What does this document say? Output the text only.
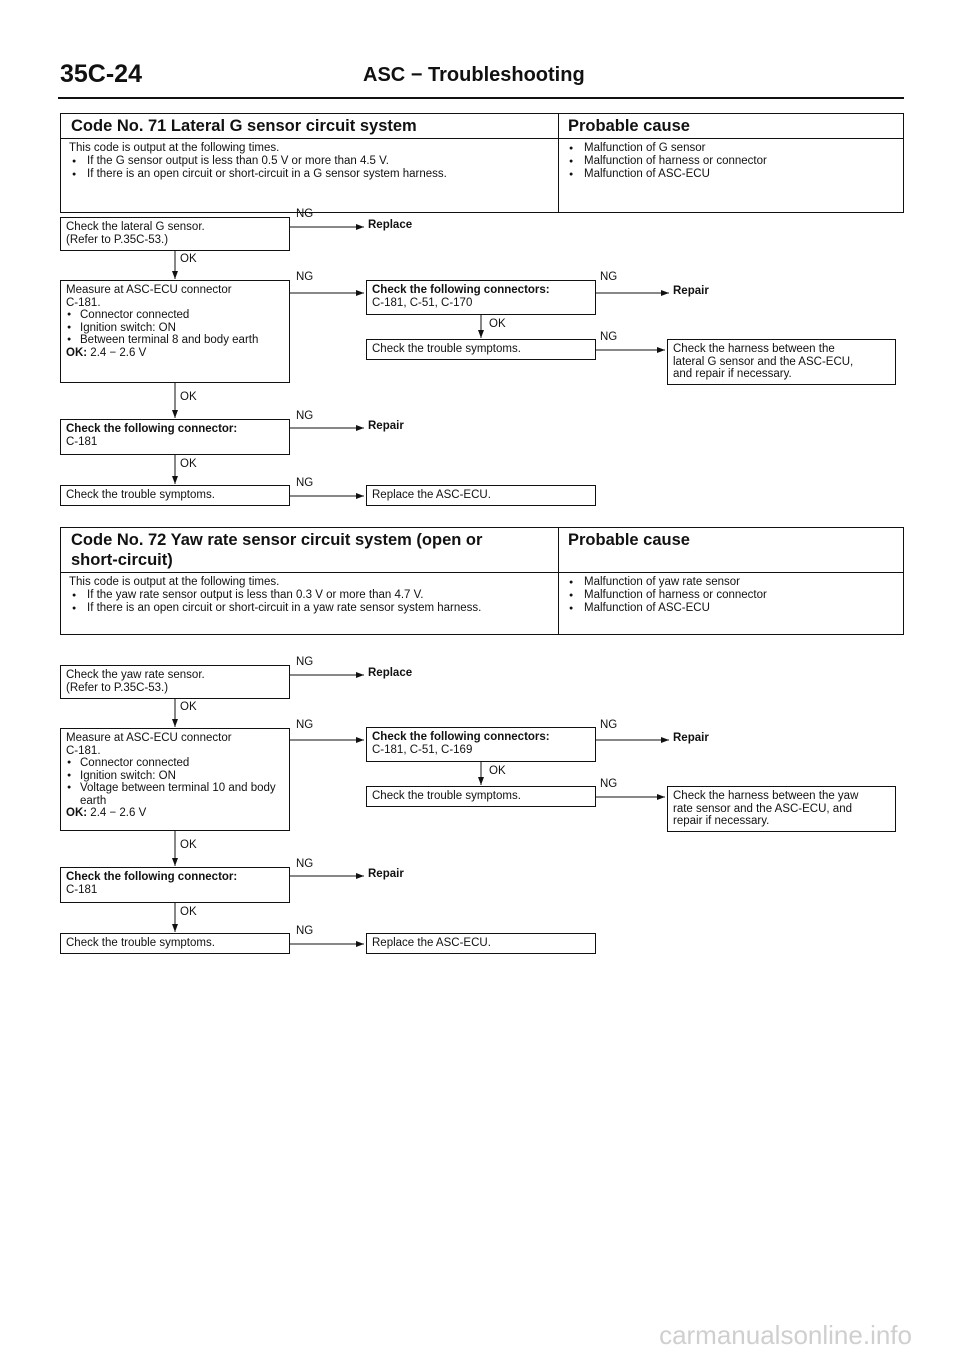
35C-24	ASC − Troubleshooting
Code No. 71 Lateral G sensor circuit system	Probable cause
This code is output at the following times.
● If the G sensor output is less than 0.5 V or more than 4.5 V.
● If there is an open circuit or short-circuit in a G sensor system harness.
● Malfunction of G sensor
● Malfunction of harness or connector
● Malfunction of ASC-ECU
Check the lateral G sensor.
(Refer to P.35C-53.)
Measure at ASC-ECU connector
C-181.
● Connector connected
● Ignition switch: ON
● Between terminal 8 and body earth
OK: 2.4 − 2.6 V
Check the following connector:
C-181
Check the trouble symptoms.
Check the following connectors:
C-181, C-51, C-170
Check the trouble symptoms.	Check the harness between the
lateral G sensor and the ASC-ECU,
and repair if necessary.
Replace the ASC-ECU.
Replace
Repair
Repair
NG
OK
NG	NG
OK
NG
OK
NG
OK
NG
Code No. 72 Yaw rate sensor circuit system (open or
short-circuit)
Probable cause
This code is output at the following times.
● If the yaw rate sensor output is less than 0.3 V or more than 4.7 V.
● If there is an open circuit or short-circuit in a yaw rate sensor system harness.
● Malfunction of yaw rate sensor
● Malfunction of harness or connector
● Malfunction of ASC-ECU
Check the yaw rate sensor.
(Refer to P.35C-53.)
Measure at ASC-ECU connector
C-181.
● Connector connected
● Ignition switch: ON
● Voltage between terminal 10 and body earth
OK: 2.4 − 2.6 V
Check the following connector:
C-181
Check the trouble symptoms.
Check the following connectors:
C-181, C-51, C-169
Check the trouble symptoms.	Check the harness between the yaw
rate sensor and the ASC-ECU, and
repair if necessary.
Replace the ASC-ECU.
Replace
Repair
Repair
NG
OK
NG	NG
OK
NG
OK
NG
OK
NG
carmanualsonline.info
